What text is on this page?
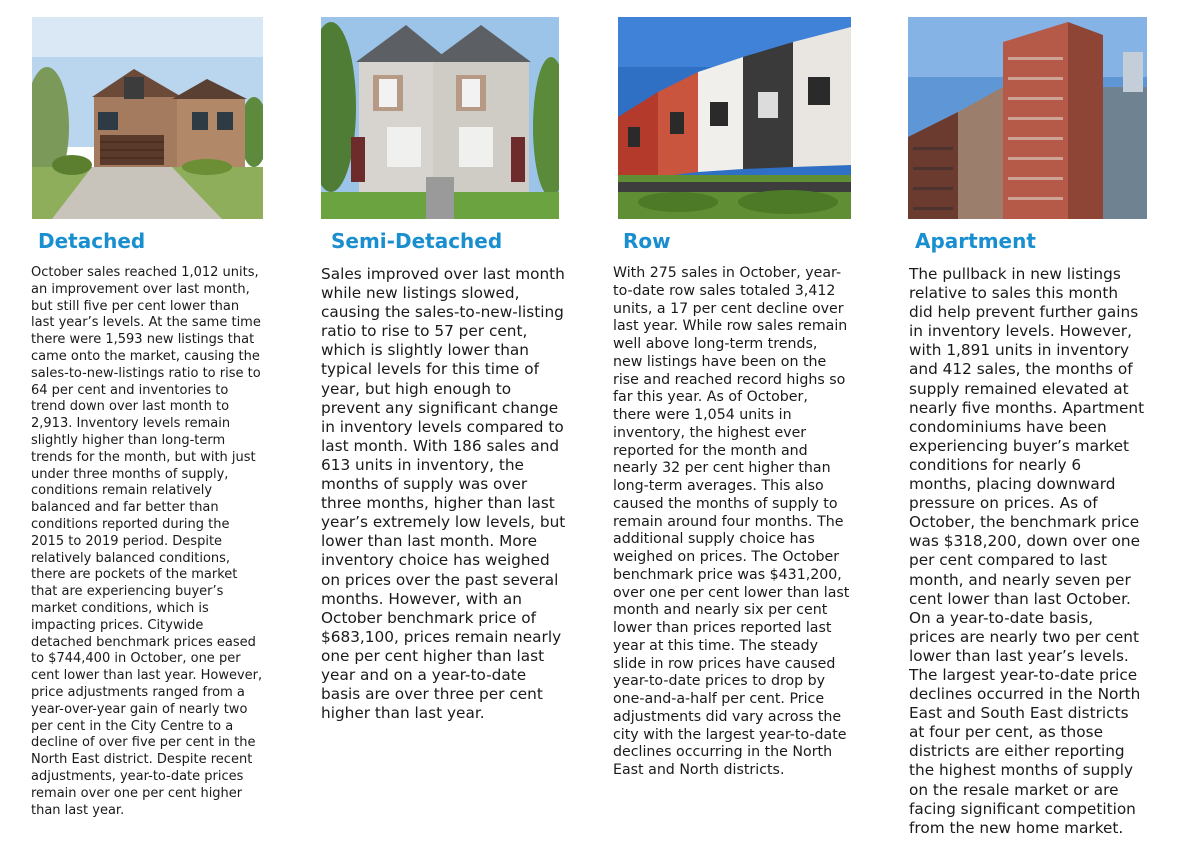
Detached
October sales reached 1,012 units,
an improvement over last month,
but still five per cent lower than
last year’s levels. At the same time
there were 1,593 new listings that
came onto the market, causing the
sales-to-new-listings ratio to rise to
64 per cent and inventories to
trend down over last month to
2,913. Inventory levels remain
slightly higher than long-term
trends for the month, but with just
under three months of supply,
conditions remain relatively
balanced and far better than
conditions reported during the
2015 to 2019 period. Despite
relatively balanced conditions,
there are pockets of the market
that are experiencing buyer’s
market conditions, which is
impacting prices. Citywide
detached benchmark prices eased
to $744,400 in October, one per
cent lower than last year. However,
price adjustments ranged from a
year-over-year gain of nearly two
per cent in the City Centre to a
decline of over five per cent in the
North East district. Despite recent
adjustments, year-to-date prices
remain over one per cent higher
than last year.
Semi-Detached
Sales improved over last month
while new listings slowed,
causing the sales-to-new-listing
ratio to rise to 57 per cent,
which is slightly lower than
typical levels for this time of
year, but high enough to
prevent any significant change
in inventory levels compared to
last month. With 186 sales and
613 units in inventory, the
months of supply was over
three months, higher than last
year’s extremely low levels, but
lower than last month. More
inventory choice has weighed
on prices over the past several
months. However, with an
October benchmark price of
$683,100, prices remain nearly
one per cent higher than last
year and on a year-to-date
basis are over three per cent
higher than last year.
Row
With 275 sales in October, year-
to-date row sales totaled 3,412
units, a 17 per cent decline over
last year. While row sales remain
well above long-term trends,
new listings have been on the
rise and reached record highs so
far this year. As of October,
there were 1,054 units in
inventory, the highest ever
reported for the month and
nearly 32 per cent higher than
long-term averages. This also
caused the months of supply to
remain around four months. The
additional supply choice has
weighed on prices. The October
benchmark price was $431,200,
over one per cent lower than last
month and nearly six per cent
lower than prices reported last
year at this time. The steady
slide in row prices have caused
year-to-date prices to drop by
one-and-a-half per cent. Price
adjustments did vary across the
city with the largest year-to-date
declines occurring in the North
East and North districts.
Apartment
The pullback in new listings
relative to sales this month
did help prevent further gains
in inventory levels. However,
with 1,891 units in inventory
and 412 sales, the months of
supply remained elevated at
nearly five months. Apartment
condominiums have been
experiencing buyer’s market
conditions for nearly 6
months, placing downward
pressure on prices. As of
October, the benchmark price
was $318,200, down over one
per cent compared to last
month, and nearly seven per
cent lower than last October.
On a year-to-date basis,
prices are nearly two per cent
lower than last year’s levels.
The largest year-to-date price
declines occurred in the North
East and South East districts
at four per cent, as those
districts are either reporting
the highest months of supply
on the resale market or are
facing significant competition
from the new home market.
